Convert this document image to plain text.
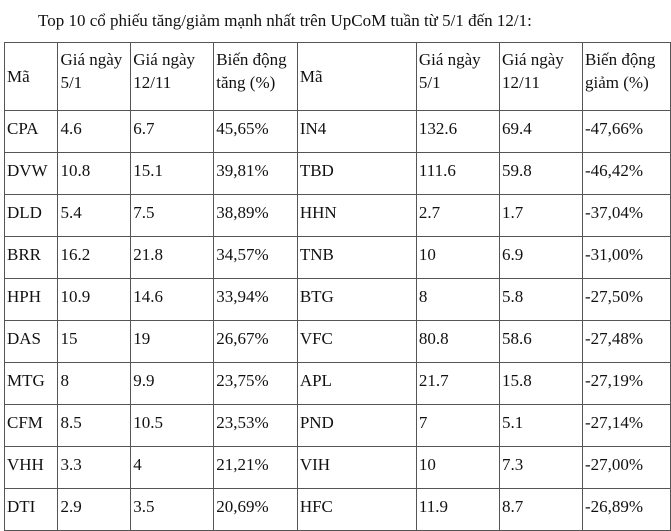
Top 10 cổ phiếu tăng/giảm mạnh nhất trên UpCoM tuần từ 5/1 đến 12/1:
Mã	Giá ngày 5/1	Giá ngày 12/11	Biến động tăng (%)	Mã	Giá ngày 5/1	Giá ngày 12/11	Biến động giảm (%)
CPA	4.6	6.7	45,65%	IN4	132.6	69.4	-47,66%
DVW	10.8	15.1	39,81%	TBD	111.6	59.8	-46,42%
DLD	5.4	7.5	38,89%	HHN	2.7	1.7	-37,04%
BRR	16.2	21.8	34,57%	TNB	10	6.9	-31,00%
HPH	10.9	14.6	33,94%	BTG	8	5.8	-27,50%
DAS	15	19	26,67%	VFC	80.8	58.6	-27,48%
MTG	8	9.9	23,75%	APL	21.7	15.8	-27,19%
CFM	8.5	10.5	23,53%	PND	7	5.1	-27,14%
VHH	3.3	4	21,21%	VIH	10	7.3	-27,00%
DTI	2.9	3.5	20,69%	HFC	11.9	8.7	-26,89%
